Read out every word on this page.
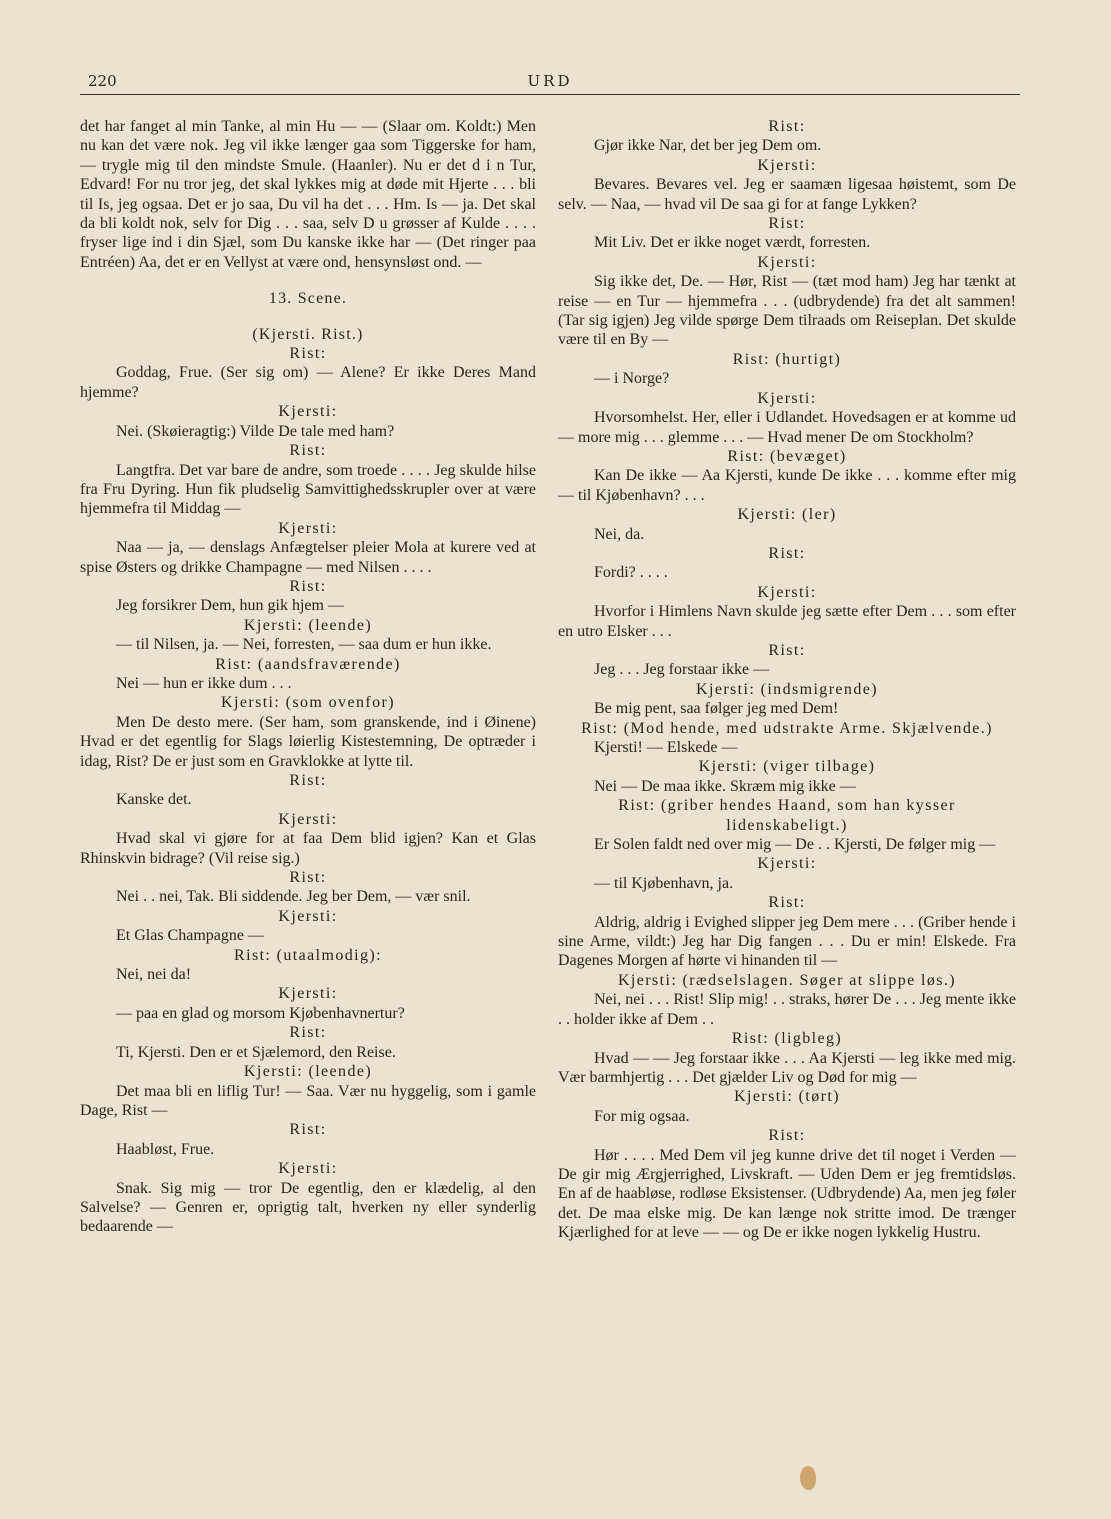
220	URD

det har fanget al min Tanke, al min Hu — — (Slaar om. Koldt:) Men nu kan det være nok. Jeg vil ikke længer gaa som Tiggerske for ham, — trygle mig til den mindste Smule. (Haanler). Nu er det d i n Tur, Edvard! For nu tror jeg, det skal lykkes mig at døde mit Hjerte . . . bli til Is, jeg ogsaa. Det er jo saa, Du vil ha det . . . Hm. Is — ja. Det skal da bli koldt nok, selv for Dig . . . saa, selv D u grøsser af Kulde . . . . fryser lige ind i din Sjæl, som Du kanske ikke har — (Det ringer paa Entréen) Aa, det er en Vellyst at være ond, hensynsløst ond. —

13. Scene.

(Kjersti. Rist.)

Rist:

Goddag, Frue. (Ser sig om) — Alene? Er ikke Deres Mand hjemme?

Kjersti:

Nei. (Skøieragtig:) Vilde De tale med ham?

Rist:

Langtfra. Det var bare de andre, som troede . . . . Jeg skulde hilse fra Fru Dyring. Hun fik pludselig Samvittighedsskrupler over at være hjemmefra til Middag —

Kjersti:

Naa — ja, — denslags Anfægtelser pleier Mola at kurere ved at spise Østers og drikke Champagne — med Nilsen . . . .

Rist:

Jeg forsikrer Dem, hun gik hjem —

Kjersti: (leende)

— til Nilsen, ja. — Nei, forresten, — saa dum er hun ikke.

Rist: (aandsfraværende)

Nei — hun er ikke dum . . .

Kjersti: (som ovenfor)

Men De desto mere. (Ser ham, som granskende, ind i Øinene) Hvad er det egentlig for Slags løierlig Kistestemning, De optræder i idag, Rist? De er just som en Gravklokke at lytte til.

Rist:

Kanske det.

Kjersti:

Hvad skal vi gjøre for at faa Dem blid igjen? Kan et Glas Rhinskvin bidrage? (Vil reise sig.)

Rist:

Nei . . nei, Tak. Bli siddende. Jeg ber Dem, — vær snil.

Kjersti:

Et Glas Champagne —

Rist: (utaalmodig):

Nei, nei da!

Kjersti:

— paa en glad og morsom Kjøbenhavnertur?

Rist:

Ti, Kjersti. Den er et Sjælemord, den Reise.

Kjersti: (leende)

Det maa bli en liflig Tur! — Saa. Vær nu hyggelig, som i gamle Dage, Rist —

Rist:

Haabløst, Frue.

Kjersti:

Snak. Sig mig — tror De egentlig, den er klædelig, al den Salvelse? — Genren er, oprigtig talt, hverken ny eller synderlig bedaarende —

Rist:

Gjør ikke Nar, det ber jeg Dem om.

Kjersti:

Bevares. Bevares vel. Jeg er saamæn ligesaa høistemt, som De selv. — Naa, — hvad vil De saa gi for at fange Lykken?

Rist:

Mit Liv. Det er ikke noget værdt, forresten.

Kjersti:

Sig ikke det, De. — Hør, Rist — (tæt mod ham) Jeg har tænkt at reise — en Tur — hjemmefra . . . (udbrydende) fra det alt sammen! (Tar sig igjen) Jeg vilde spørge Dem tilraads om Reiseplan. Det skulde være til en By —

Rist: (hurtigt)

— i Norge?

Kjersti:

Hvorsomhelst. Her, eller i Udlandet. Hovedsagen er at komme ud — more mig . . . glemme . . . — Hvad mener De om Stockholm?

Rist: (bevæget)

Kan De ikke — Aa Kjersti, kunde De ikke . . . komme efter mig — til Kjøbenhavn? . . .

Kjersti: (ler)

Nei, da.

Rist:

Fordi? . . . .

Kjersti:

Hvorfor i Himlens Navn skulde jeg sætte efter Dem . . . som efter en utro Elsker . . .

Rist:

Jeg . . . Jeg forstaar ikke —

Kjersti: (indsmigrende)

Be mig pent, saa følger jeg med Dem!

Rist: (Mod hende, med udstrakte Arme. Skjælvende.)

Kjersti! — Elskede —

Kjersti: (viger tilbage)

Nei — De maa ikke. Skræm mig ikke —

Rist: (griber hendes Haand, som han kysser lidenskabeligt.)

Er Solen faldt ned over mig — De . . Kjersti, De følger mig —

Kjersti:

— til Kjøbenhavn, ja.

Rist:

Aldrig, aldrig i Evighed slipper jeg Dem mere . . . (Griber hende i sine Arme, vildt:) Jeg har Dig fangen . . . Du er min! Elskede. Fra Dagenes Morgen af hørte vi hinanden til —

Kjersti: (rædselslagen. Søger at slippe løs.)

Nei, nei . . . Rist! Slip mig! . . straks, hører De . . . Jeg mente ikke . . holder ikke af Dem . .

Rist: (ligbleg)

Hvad — — Jeg forstaar ikke . . . Aa Kjersti — leg ikke med mig. Vær barmhjertig . . . Det gjælder Liv og Død for mig —

Kjersti: (tørt)

For mig ogsaa.

Rist:

Hør . . . . Med Dem vil jeg kunne drive det til noget i Verden — De gir mig Ærgjerrighed, Livskraft. — Uden Dem er jeg fremtidsløs. En af de haabløse, rodløse Eksistenser. (Udbrydende) Aa, men jeg føler det. De maa elske mig. De kan længe nok stritte imod. De trænger Kjærlighed for at leve — — og De er ikke nogen lykkelig Hustru.
